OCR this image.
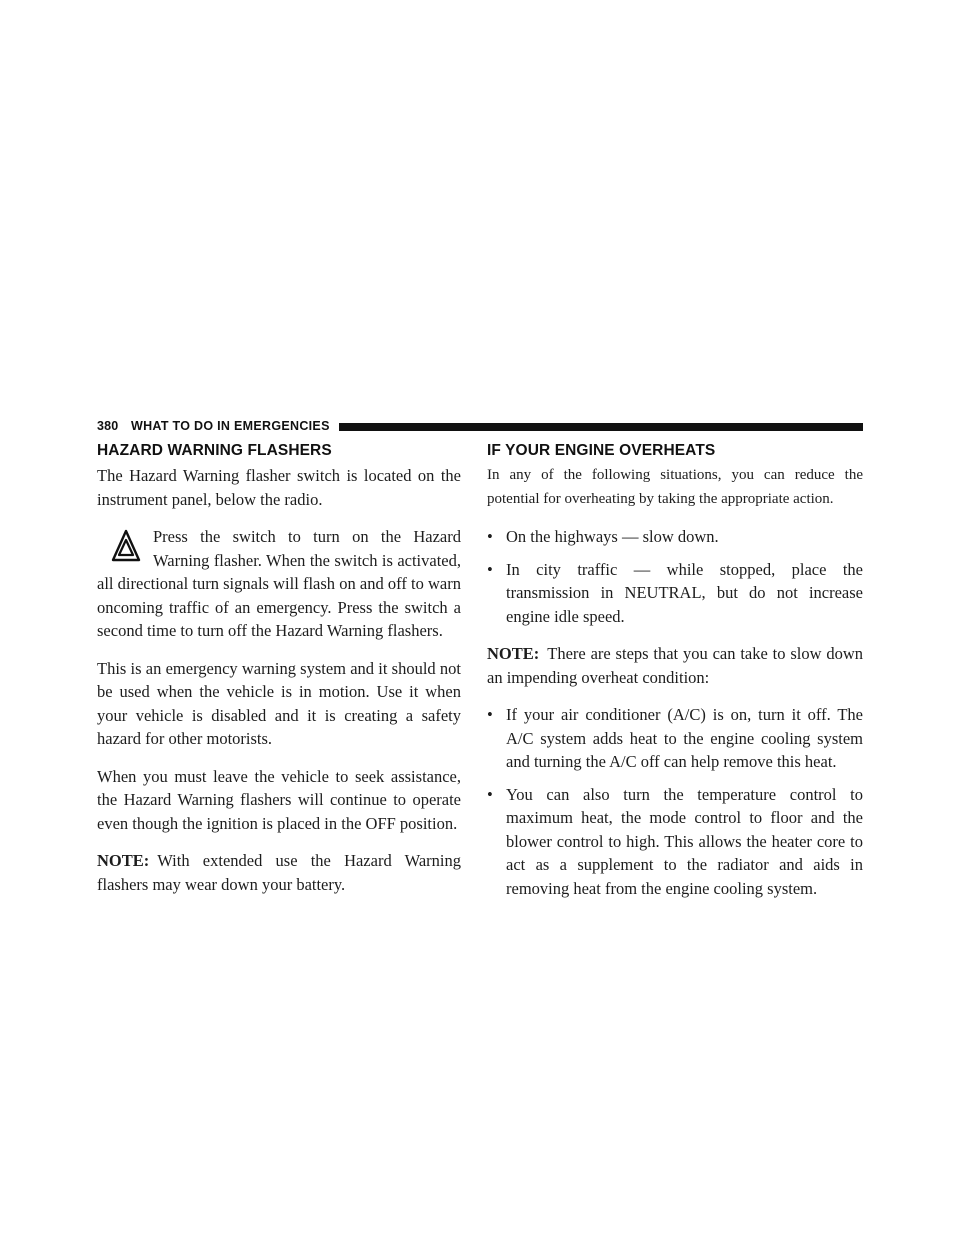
380 WHAT TO DO IN EMERGENCIES
HAZARD WARNING FLASHERS

The Hazard Warning flasher switch is located on the instrument panel, below the radio.

Press the switch to turn on the Hazard Warning flasher. When the switch is activated, all directional turn signals will flash on and off to warn oncoming traffic of an emergency. Press the switch a second time to turn off the Hazard Warning flashers.

This is an emergency warning system and it should not be used when the vehicle is in motion. Use it when your vehicle is disabled and it is creating a safety hazard for other motorists.

When you must leave the vehicle to seek assistance, the Hazard Warning flashers will continue to operate even though the ignition is placed in the OFF position.

NOTE: With extended use the Hazard Warning flashers may wear down your battery.

IF YOUR ENGINE OVERHEATS

In any of the following situations, you can reduce the potential for overheating by taking the appropriate action.

• On the highways — slow down.
• In city traffic — while stopped, place the transmission in NEUTRAL, but do not increase engine idle speed.

NOTE: There are steps that you can take to slow down an impending overheat condition:

• If your air conditioner (A/C) is on, turn it off. The A/C system adds heat to the engine cooling system and turning the A/C off can help remove this heat.
• You can also turn the temperature control to maximum heat, the mode control to floor and the blower control to high. This allows the heater core to act as a supplement to the radiator and aids in removing heat from the engine cooling system.
